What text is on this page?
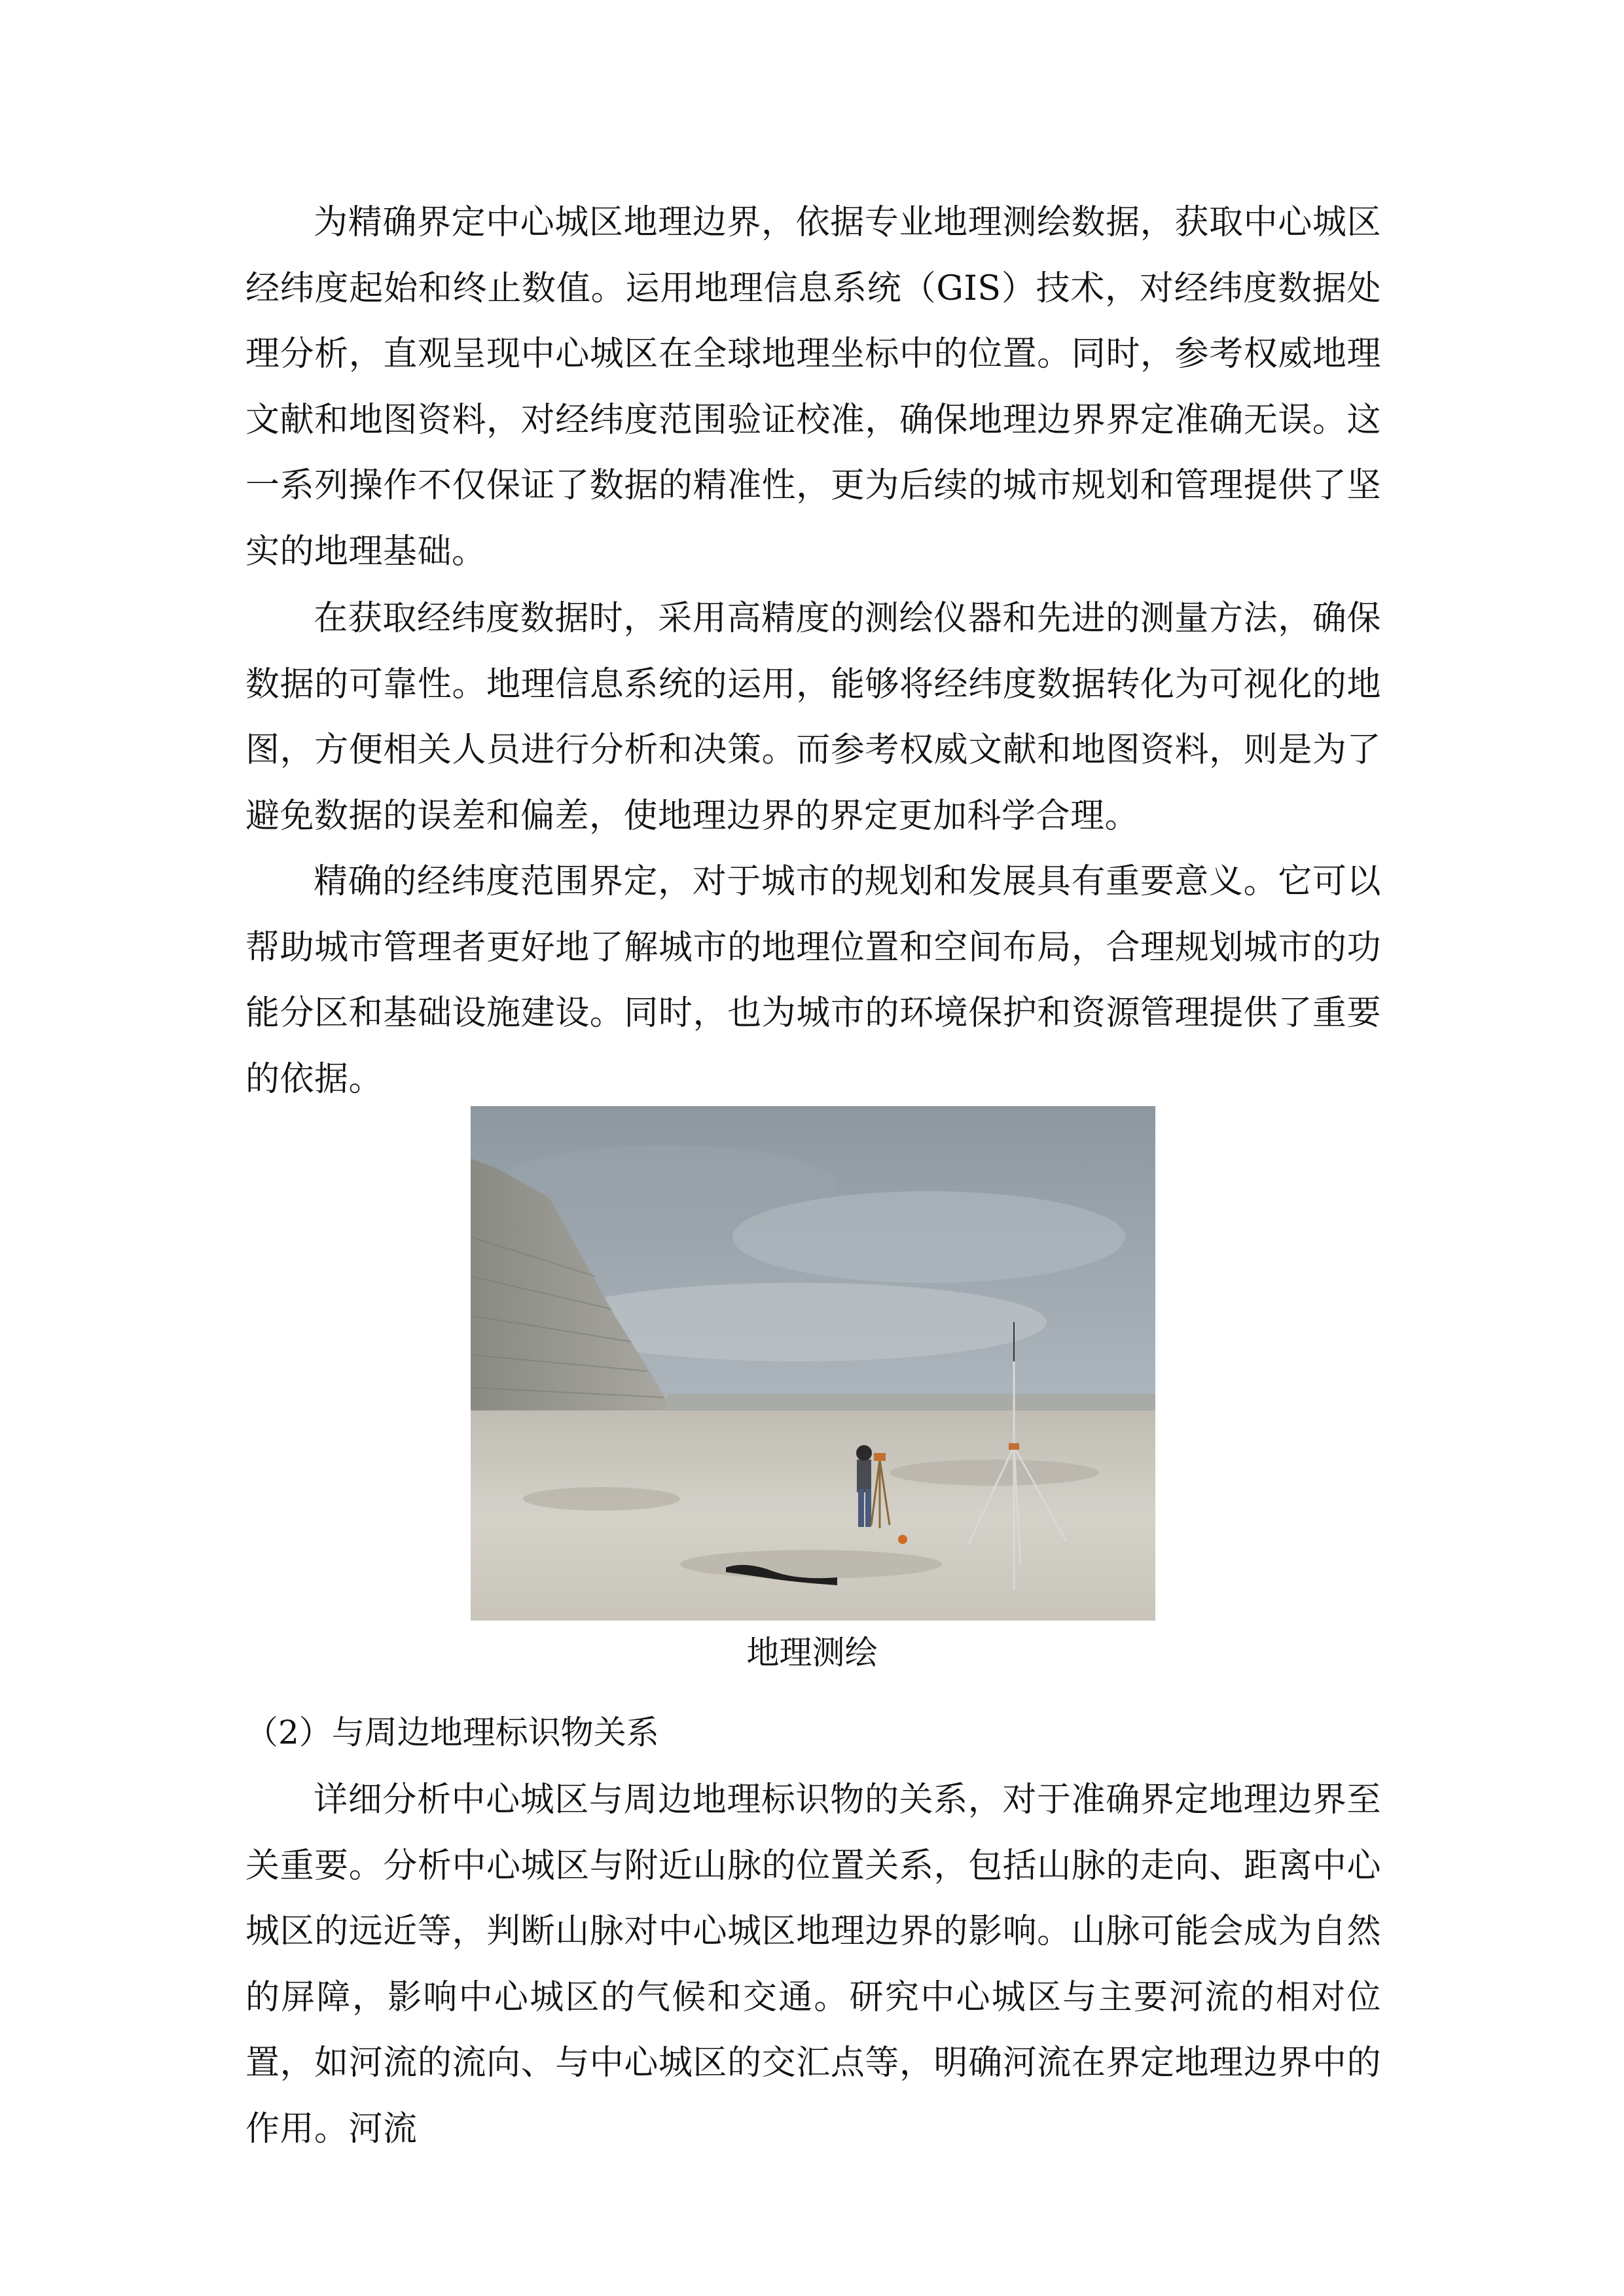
为精确界定中心城区地理边界，依据专业地理测绘数据，获取中心城区经纬度起始和终止数值。运用地理信息系统（GIS）技术，对经纬度数据处理分析，直观呈现中心城区在全球地理坐标中的位置。同时，参考权威地理文献和地图资料，对经纬度范围验证校准，确保地理边界界定准确无误。这一系列操作不仅保证了数据的精准性，更为后续的城市规划和管理提供了坚实的地理基础。

在获取经纬度数据时，采用高精度的测绘仪器和先进的测量方法，确保数据的可靠性。地理信息系统的运用，能够将经纬度数据转化为可视化的地图，方便相关人员进行分析和决策。而参考权威文献和地图资料，则是为了避免数据的误差和偏差，使地理边界的界定更加科学合理。

精确的经纬度范围界定，对于城市的规划和发展具有重要意义。它可以帮助城市管理者更好地了解城市的地理位置和空间布局，合理规划城市的功能分区和基础设施建设。同时，也为城市的环境保护和资源管理提供了重要的依据。

地理测绘

（2）与周边地理标识物关系

详细分析中心城区与周边地理标识物的关系，对于准确界定地理边界至关重要。分析中心城区与附近山脉的位置关系，包括山脉的走向、距离中心城区的远近等，判断山脉对中心城区地理边界的影响。山脉可能会成为自然的屏障，影响中心城区的气候和交通。研究中心城区与主要河流的相对位置，如河流的流向、与中心城区的交汇点等，明确河流在界定地理边界中的作用。河流
